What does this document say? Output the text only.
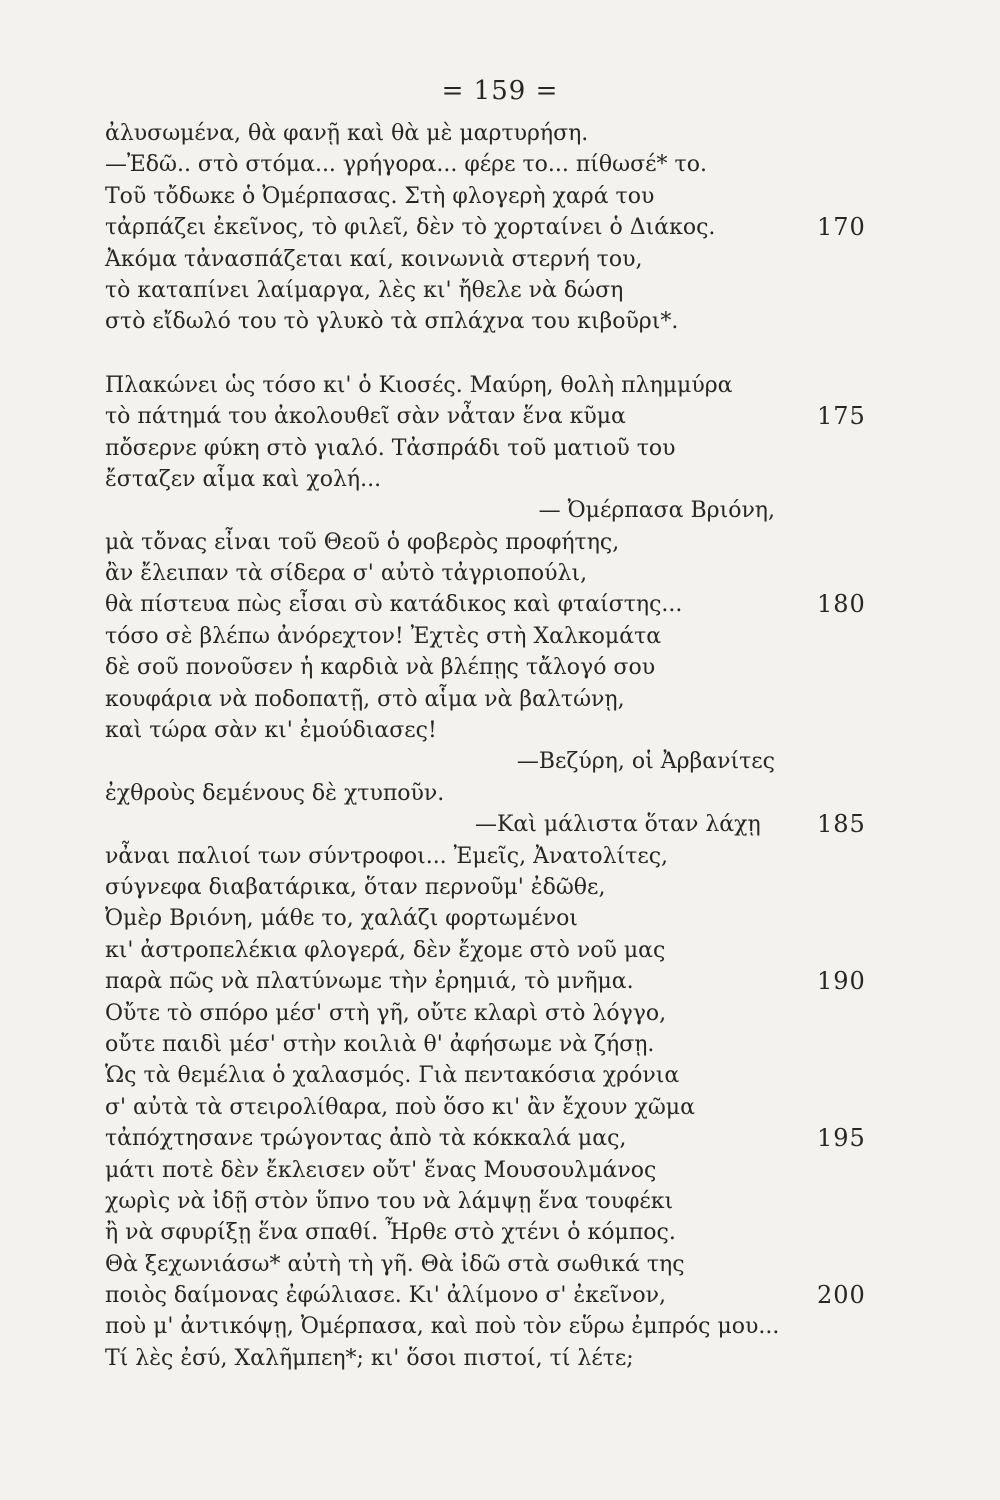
= 159 =
ἀλυσωμένα, θὰ φανῇ καὶ θὰ μὲ μαρτυρήση.
—Ἐδῶ.. στὸ στόμα... γρήγορα... φέρε το... πίθωσέ* το.
Τοῦ τὄδωκε ὁ Ὀμέρπασας. Στὴ φλογερὴ χαρά του
τἀρπάζει ἐκεῖνος, τὸ φιλεῖ, δὲν τὸ χορταίνει ὁ Διάκος.	170
Ἀκόμα τἀνασπάζεται καί, κοινωνιὰ στερνή του,
τὸ καταπίνει λαίμαργα, λὲς κι' ἤθελε νὰ δώση
στὸ εἴδωλό του τὸ γλυκὸ τὰ σπλάχνα του κιβοῦρι*.
Πλακώνει ὡς τόσο κι' ὁ Κιοσές. Μαύρη, θολὴ πλημμύρα
τὸ πάτημά του ἀκολουθεῖ σὰν νἆταν ἕνα κῦμα	175
πὄσερνε φύκη στὸ γιαλό. Τἀσπράδι τοῦ ματιοῦ του
ἔσταζεν αἷμα καὶ χολή...
— Ὀμέρπασα Βριόνη,
μὰ τὄνας εἶναι τοῦ Θεοῦ ὁ φοβερὸς προφήτης,
ἂν ἔλειπαν τὰ σίδερα σ' αὐτὸ τἀγριοπούλι,
θὰ πίστευα πὼς εἶσαι σὺ κατάδικος καὶ φταίστης...	180
τόσο σὲ βλέπω ἀνόρεχτον! Ἐχτὲς στὴ Χαλκομάτα
δὲ σοῦ πονοῦσεν ἡ καρδιὰ νὰ βλέπῃς τἄλογό σου
κουφάρια νὰ ποδοπατῇ, στὸ αἷμα νὰ βαλτώνῃ,
καὶ τώρα σὰν κι' ἐμούδιασες!
—Βεζύρη, οἱ Ἀρβανίτες
ἐχθροὺς δεμένους δὲ χτυποῦν.
—Καὶ μάλιστα ὅταν λάχῃ 185
νἆναι παλιοί των σύντροφοι... Ἐμεῖς, Ἀνατολίτες,
σύγνεφα διαβατάρικα, ὅταν περνοῦμ' ἐδῶθε,
Ὀμὲρ Βριόνη, μάθε το, χαλάζι φορτωμένοι
κι' ἀστροπελέκια φλογερά, δὲν ἔχομε στὸ νοῦ μας
παρὰ πῶς νὰ πλατύνωμε τὴν ἐρημιά, τὸ μνῆμα.	190
Οὔτε τὸ σπόρο μέσ' στὴ γῆ, οὔτε κλαρὶ στὸ λόγγο,
οὔτε παιδὶ μέσ' στὴν κοιλιὰ θ' ἀφήσωμε νὰ ζήσῃ.
Ὡς τὰ θεμέλια ὁ χαλασμός. Γιὰ πεντακόσια χρόνια
σ' αὐτὰ τὰ στειρολίθαρα, ποὺ ὅσο κι' ἂν ἔχουν χῶμα
τἀπόχτησανε τρώγοντας ἀπὸ τὰ κόκκαλά μας,	195
μάτι ποτὲ δὲν ἔκλεισεν οὔτ' ἕνας Μουσουλμάνος
χωρὶς νὰ ἰδῇ στὸν ὕπνο του νὰ λάμψῃ ἕνα τουφέκι
ἢ νὰ σφυρίξῃ ἕνα σπαθί. Ἦρθε στὸ χτένι ὁ κόμπος.
Θὰ ξεχωνιάσω* αὐτὴ τὴ γῆ. Θὰ ἰδῶ στὰ σωθικά της
ποιὸς δαίμονας ἐφώλιασε. Κι' ἀλίμονο σ' ἐκεῖνον,	200
ποὺ μ' ἀντικόψῃ, Ὀμέρπασα, καὶ ποὺ τὸν εὕρω ἐμπρός μου...
Τί λὲς ἐσύ, Χαλῆμπεη*; κι' ὅσοι πιστοί, τί λέτε;
